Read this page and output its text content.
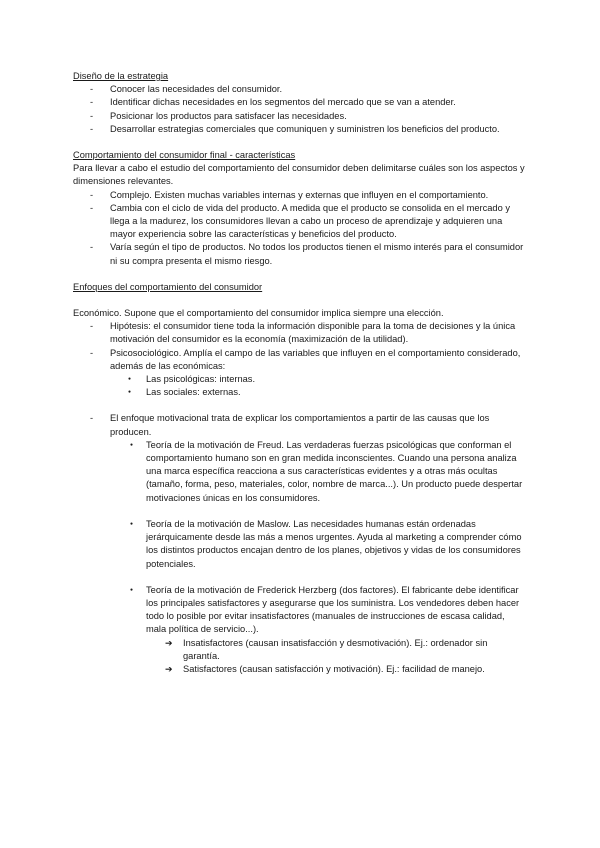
Diseño de la estrategia

- Conocer las necesidades del consumidor.

- Identificar dichas necesidades en los segmentos del mercado que se van a atender.

- Posicionar los productos para satisfacer las necesidades.

- Desarrollar estrategias comerciales que comuniquen y suministren los beneficios del producto.

Comportamiento del consumidor final - características

Para llevar a cabo el estudio del comportamiento del consumidor deben delimitarse cuáles son los aspectos y dimensiones relevantes.

- Complejo. Existen muchas variables internas y externas que influyen en el comportamiento.

- Cambia con el ciclo de vida del producto. A medida que el producto se consolida en el mercado y llega a la madurez, los consumidores llevan a cabo un proceso de aprendizaje y adquieren una mayor experiencia sobre las características y beneficios del producto.

- Varía según el tipo de productos. No todos los productos tienen el mismo interés para el consumidor ni su compra presenta el mismo riesgo.

Enfoques del comportamiento del consumidor

Económico. Supone que el comportamiento del consumidor implica siempre una elección.

- Hipótesis: el consumidor tiene toda la información disponible para la toma de decisiones y la única motivación del consumidor es la economía (maximización de la utilidad).

- Psicosociológico. Amplía el campo de las variables que influyen en el comportamiento considerado, además de las económicas:

● Las psicológicas: internas.

● Las sociales: externas.

- El enfoque motivacional trata de explicar los comportamientos a partir de las causas que los producen.

● Teoría de la motivación de Freud. Las verdaderas fuerzas psicológicas que conforman el comportamiento humano son en gran medida inconscientes. Cuando una persona analiza una marca específica reacciona a sus características evidentes y a otras más ocultas (tamaño, forma, peso, materiales, color, nombre de marca...). Un producto puede despertar motivaciones únicas en los consumidores.

● Teoría de la motivación de Maslow. Las necesidades humanas están ordenadas jerárquicamente desde las más a menos urgentes. Ayuda al marketing a comprender cómo los distintos productos encajan dentro de los planes, objetivos y vidas de los consumidores potenciales.

● Teoría de la motivación de Frederick Herzberg (dos factores). El fabricante debe identificar los principales satisfactores y asegurarse que los suministra. Los vendedores deben hacer todo lo posible por evitar insatisfactores (manuales de instrucciones de escasa calidad, mala política de servicio...).

➔ Insatisfactores (causan insatisfacción y desmotivación). Ej.: ordenador sin garantía.

➔ Satisfactores (causan satisfacción y motivación). Ej.: facilidad de manejo.
